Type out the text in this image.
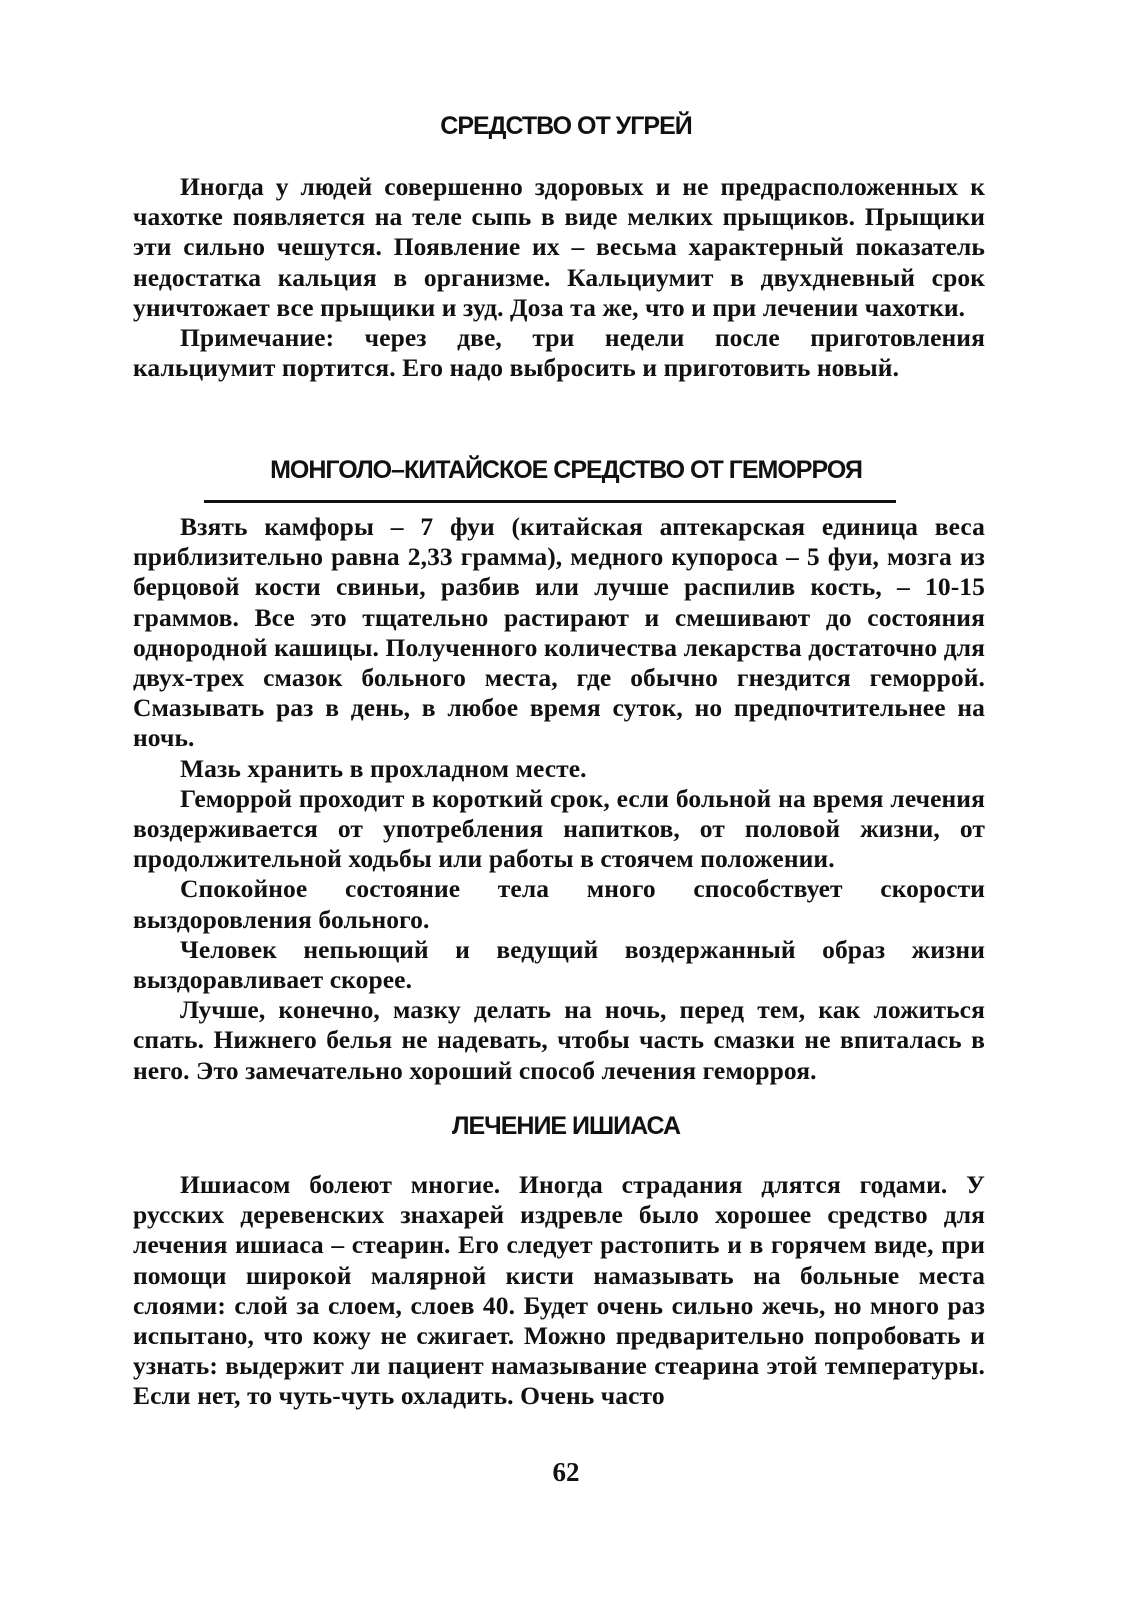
СРЕДСТВО ОТ УГРЕЙ

Иногда у людей совершенно здоровых и не предрасположенных к чахотке появляется на теле сыпь в виде мелких прыщиков. Прыщики эти сильно чешутся. Появление их – весьма характерный показатель недостатка кальция в организме. Кальциумит в двухдневный срок уничтожает все прыщики и зуд. Доза та же, что и при лечении чахотки.

Примечание: через две, три недели после приготовления кальциумит портится. Его надо выбросить и приготовить новый.

МОНГОЛО–КИТАЙСКОЕ СРЕДСТВО ОТ ГЕМОРРОЯ

Взять камфоры – 7 фуи (китайская аптекарская единица веса приблизительно равна 2,33 грамма), медного купороса – 5 фуи, мозга из берцовой кости свиньи, разбив или лучше распилив кость, – 10-15 граммов. Все это тщательно растирают и смешивают до состояния однородной кашицы. Полученного количества лекарства достаточно для двух-трех смазок больного места, где обычно гнездится геморрой. Смазывать раз в день, в любое время суток, но предпочтительнее на ночь.

Мазь хранить в прохладном месте.

Геморрой проходит в короткий срок, если больной на время лечения воздерживается от употребления напитков, от половой жизни, от продолжительной ходьбы или работы в стоячем положении.

Спокойное состояние тела много способствует скорости выздоровления больного.

Человек непьющий и ведущий воздержанный образ жизни выздоравливает скорее.

Лучше, конечно, мазку делать на ночь, перед тем, как ложиться спать. Нижнего белья не надевать, чтобы часть смазки не впиталась в него. Это замечательно хороший способ лечения геморроя.

ЛЕЧЕНИЕ ИШИАСА

Ишиасом болеют многие. Иногда страдания длятся годами. У русских деревенских знахарей издревле было хорошее средство для лечения ишиаса – стеарин. Его следует растопить и в горячем виде, при помощи широкой малярной кисти намазывать на больные места слоями: слой за слоем, слоев 40. Будет очень сильно жечь, но много раз испытано, что кожу не сжигает. Можно предварительно попробовать и узнать: выдержит ли пациент намазывание стеарина этой температуры. Если нет, то чуть-чуть охладить. Очень часто

62
